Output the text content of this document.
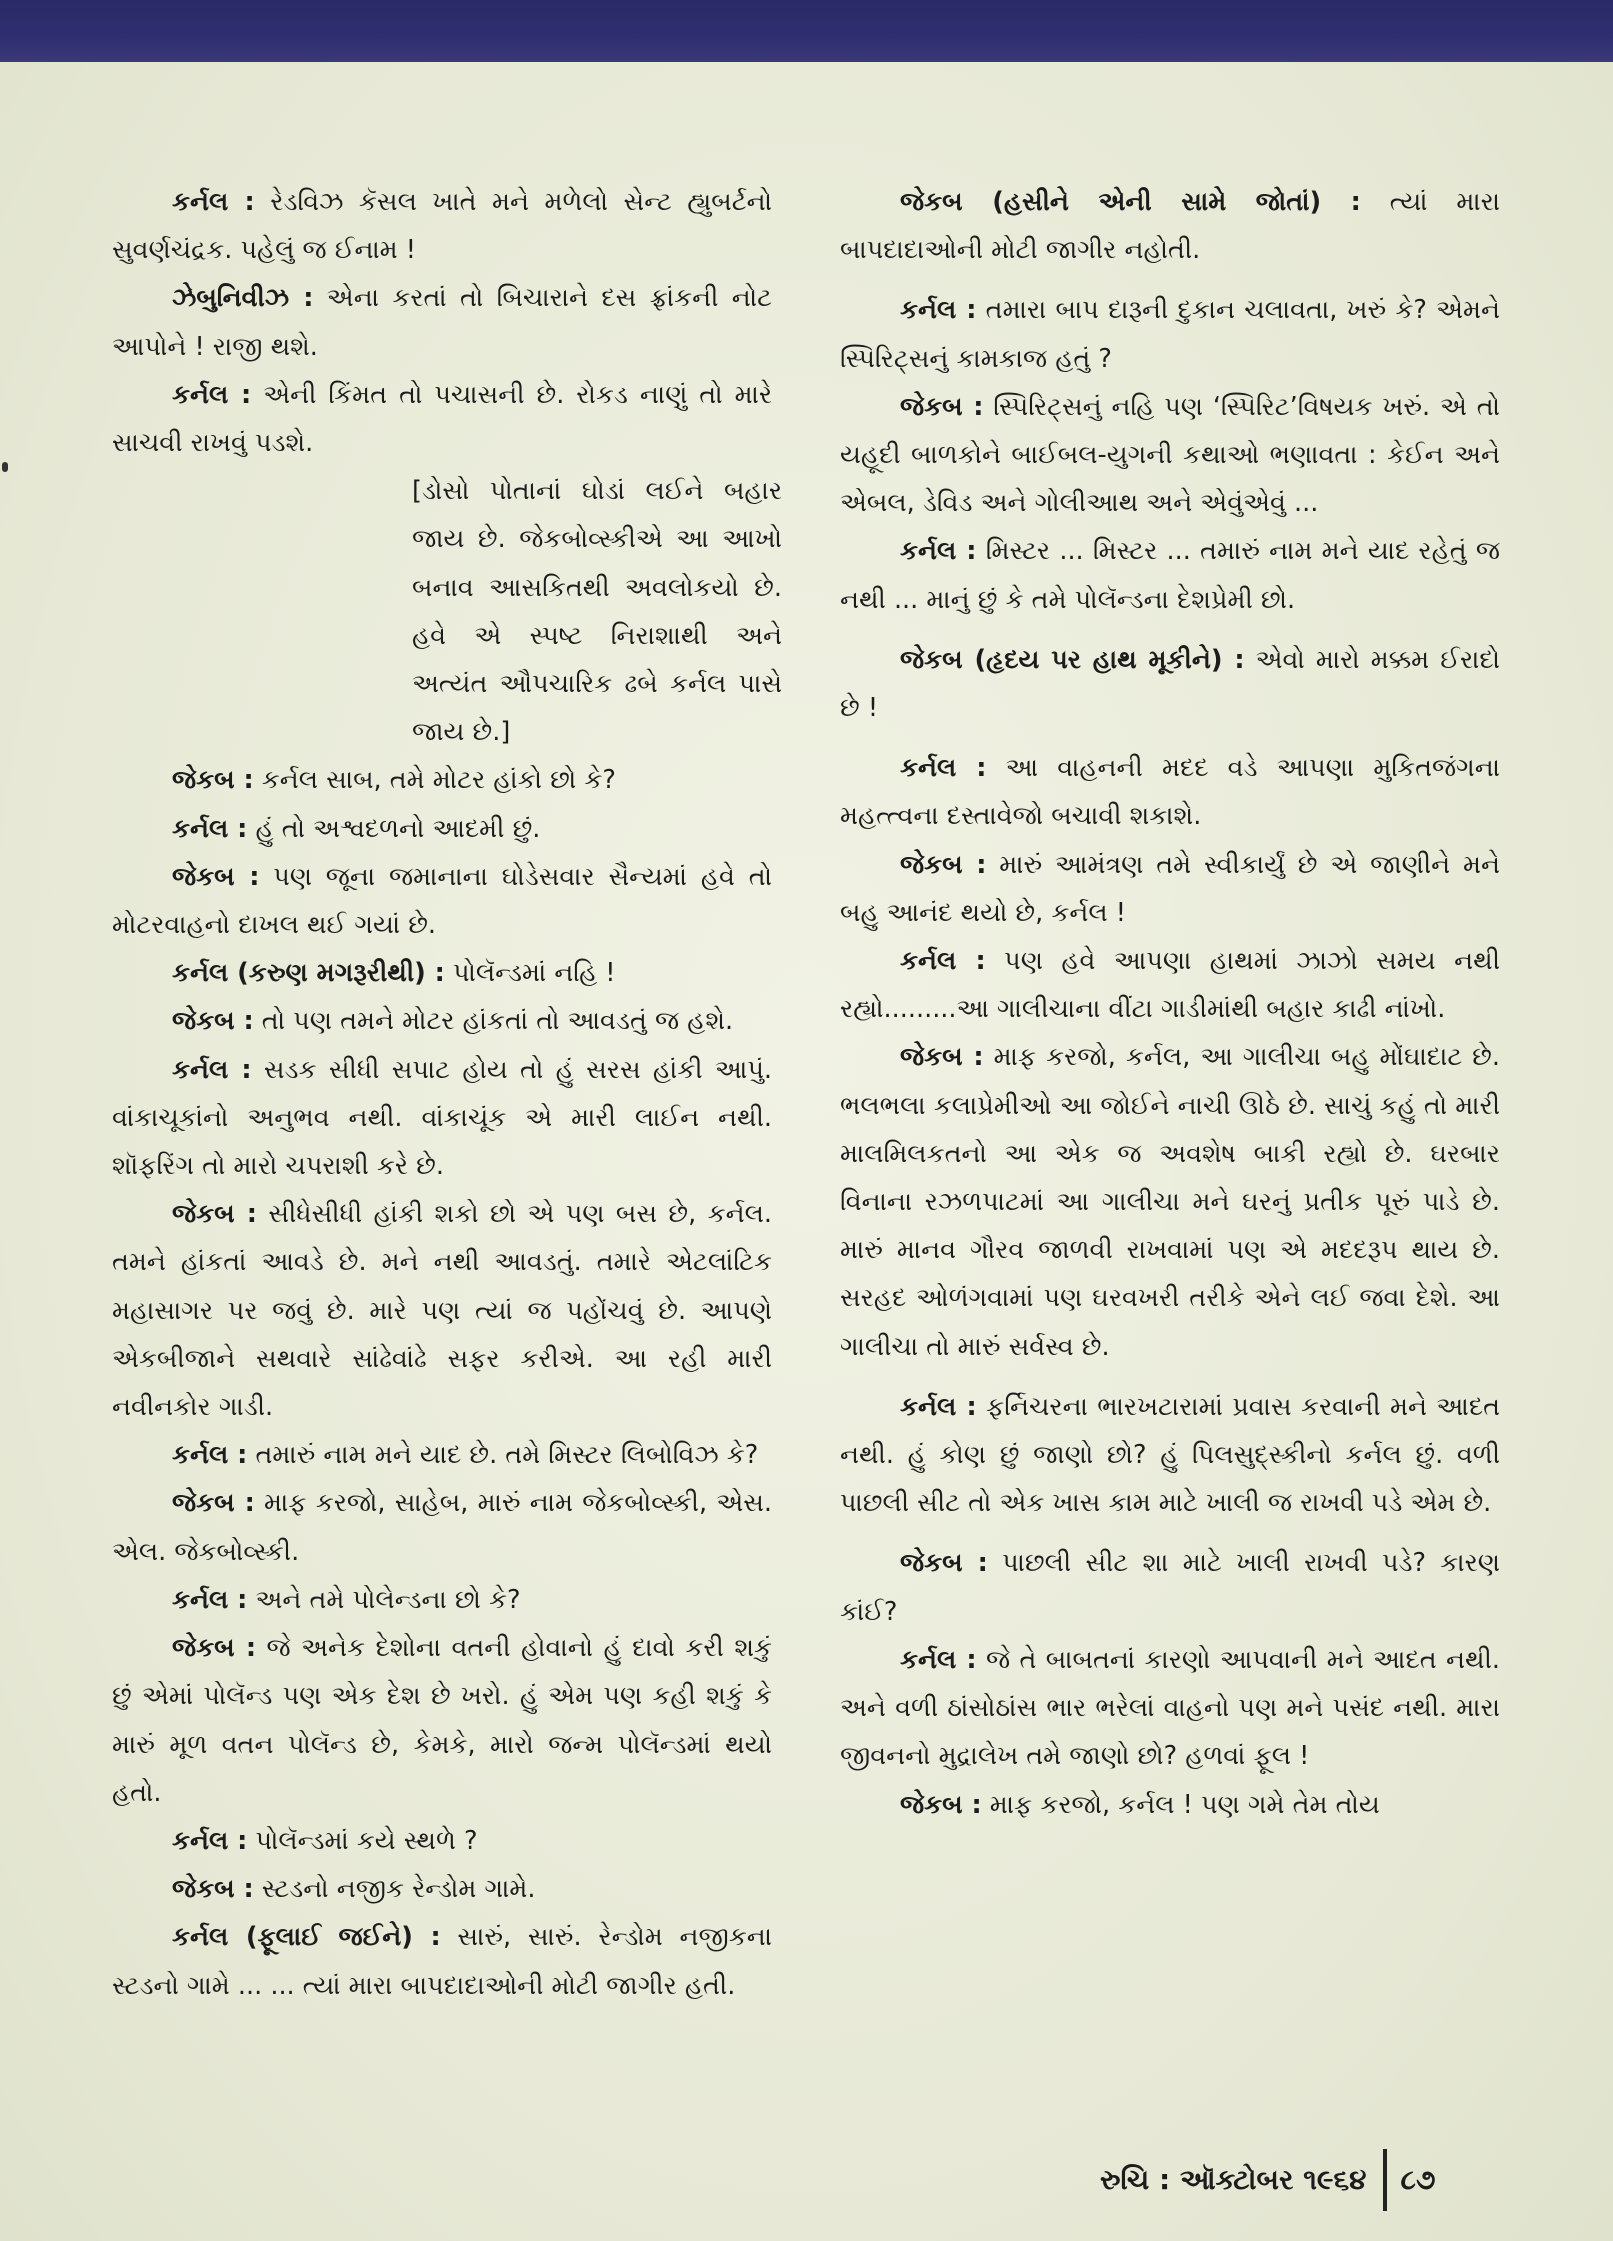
કર્નલ : રેડવિઝ કૅસલ ખાતે મને મળેલો સેન્ટ હ્યુબર્ટનો સુવર્ણચંદ્રક. પહેલું જ ઈનામ !

ઝેબુનિવીઝ : એના કરતાં તો બિચારાને દસ ફ્રાંકની નોટ આપોને ! રાજી થશે.

કર્નલ : એની કિંમત તો પચાસની છે. રોકડ નાણું તો મારે સાચવી રાખવું પડશે.

[ડોસો પોતાનાં ઘોડાં લઈને બહાર જાય છે. જેકબોવ્સ્કીએ આ આખો બનાવ આસકિતથી અવલોકયો છે. હવે એ સ્પષ્ટ નિરાશાથી અને અત્યંત ઔપચારિક ઢબે કર્નલ પાસે જાય છે.]

જેકબ : કર્નલ સાબ, તમે મોટર હાંકો છો કે?

કર્નલ : હું તો અશ્વદળનો આદમી છું.

જેકબ : પણ જૂના જમાનાના ઘોડેસવાર સૈન્યમાં હવે તો મોટરવાહનો દાખલ થઈ ગયાં છે.

કર્નલ (કરુણ મગરૂરીથી) : પોલૅન્ડમાં નહિ !

જેકબ : તો પણ તમને મોટર હાંકતાં તો આવડતું જ હશે.

કર્નલ : સડક સીધી સપાટ હોય તો હું સરસ હાંકી આપું. વાંકાચૂકાંનો અનુભવ નથી. વાંકાચૂંક એ મારી લાઈન નથી. શૉફરિંગ તો મારો ચપરાશી કરે છે.

જેકબ : સીધેસીધી હાંકી શકો છો એ પણ બસ છે, કર્નલ. તમને હાંકતાં આવડે છે. મને નથી આવડતું. તમારે એટલાંટિક મહાસાગર પર જવું છે. મારે પણ ત્યાં જ પહોંચવું છે. આપણે એકબીજાને સથવારે સાંઢેવાંઢે સફર કરીએ. આ રહી મારી નવીનકોર ગાડી.

કર્નલ : તમારું નામ મને યાદ છે. તમે મિસ્ટર લિબોવિઝ કે?

જેકબ : માફ કરજો, સાહેબ, મારું નામ જેકબોવ્સ્કી, એસ. એલ. જેકબોવ્સ્કી.

કર્નલ : અને તમે પોલેન્ડના છો કે?

જેકબ : જે અનેક દેશોના વતની હોવાનો હું દાવો કરી શકું છું એમાં પોલૅન્ડ પણ એક દેશ છે ખરો. હું એમ પણ કહી શકું કે મારું મૂળ વતન પોલૅન્ડ છે, કેમકે, મારો જન્મ પોલૅન્ડમાં થયો હતો.

કર્નલ : પોલૅન્ડમાં કયે સ્થળે ?

જેકબ : સ્ટડનો નજીક રેન્ડોમ ગામે.

કર્નલ (ફૂલાઈ જઈને) : સારું, સારું. રેન્ડોમ નજીકના સ્ટડનો ગામે ... ... ત્યાં મારા બાપદાદાઓની મોટી જાગીર હતી.

જેકબ (હસીને એની સામે જોતાં) : ત્યાં મારા બાપદાદાઓની મોટી જાગીર નહોતી.

કર્નલ : તમારા બાપ દારૂની દુકાન ચલાવતા, ખરું કે? એમને સ્પિરિટ્સનું કામકાજ હતું ?

જેકબ : સ્પિરિટ્સનું નહિ પણ ‘સ્પિરિટ’વિષયક ખરું. એ તો યહૂદી બાળકોને બાઈબલ-યુગની કથાઓ ભણાવતા : કેઈન અને એબલ, ડેવિડ અને ગોલીઆથ અને એવુંએવું ...

કર્નલ : મિસ્ટર ... મિસ્ટર ... તમારું નામ મને યાદ રહેતું જ નથી ... માનું છું કે તમે પોલૅન્ડના દેશપ્રેમી છો.

જેકબ (હૃદય પર હાથ મૂકીને) : એવો મારો મક્કમ ઈરાદો છે !

કર્નલ : આ વાહનની મદદ વડે આપણા મુકિતજંગના મહત્ત્વના દસ્તાવેજો બચાવી શકાશે.

જેકબ : મારું આમંત્રણ તમે સ્વીકાર્યું છે એ જાણીને મને બહુ આનંદ થયો છે, કર્નલ !

કર્નલ : પણ હવે આપણા હાથમાં ઝાઝો સમય નથી રહ્યો.........આ ગાલીચાના વીંટા ગાડીમાંથી બહાર કાઢી નાંખો.

જેકબ : માફ કરજો, કર્નલ, આ ગાલીચા બહુ મોંઘાદાટ છે. ભલભલા કલાપ્રેમીઓ આ જોઈને નાચી ઊઠે છે. સાચું કહું તો મારી માલમિલકતનો આ એક જ અવશેષ બાકી રહ્યો છે. ઘરબાર વિનાના રઝળપાટમાં આ ગાલીચા મને ઘરનું પ્રતીક પૂરું પાડે છે. મારું માનવ ગૌરવ જાળવી રાખવામાં પણ એ મદદરૂપ થાય છે. સરહદ ઓળંગવામાં પણ ઘરવખરી તરીકે એને લઈ જવા દેશે. આ ગાલીચા તો મારું સર્વસ્વ છે.

કર્નલ : ફર્નિચરના ભારખટારામાં પ્રવાસ કરવાની મને આદત નથી. હું કોણ છું જાણો છો? હું પિલસુદ્સ્કીનો કર્નલ છું. વળી પાછલી સીટ તો એક ખાસ કામ માટે ખાલી જ રાખવી પડે એમ છે.

જેકબ : પાછલી સીટ શા માટે ખાલી રાખવી પડે? કારણ કાંઈ?

કર્નલ : જે તે બાબતનાં કારણો આપવાની મને આદત નથી. અને વળી ઠાંસોઠાંસ ભાર ભરેલાં વાહનો પણ મને પસંદ નથી. મારા જીવનનો મુદ્રાલેખ તમે જાણો છો? હળવાં ફૂલ !

જેકબ : માફ કરજો, કર્નલ ! પણ ગમે તેમ તોય

રુચિ : ઑક્ટોબર ૧૯૬૪ ૮૭
